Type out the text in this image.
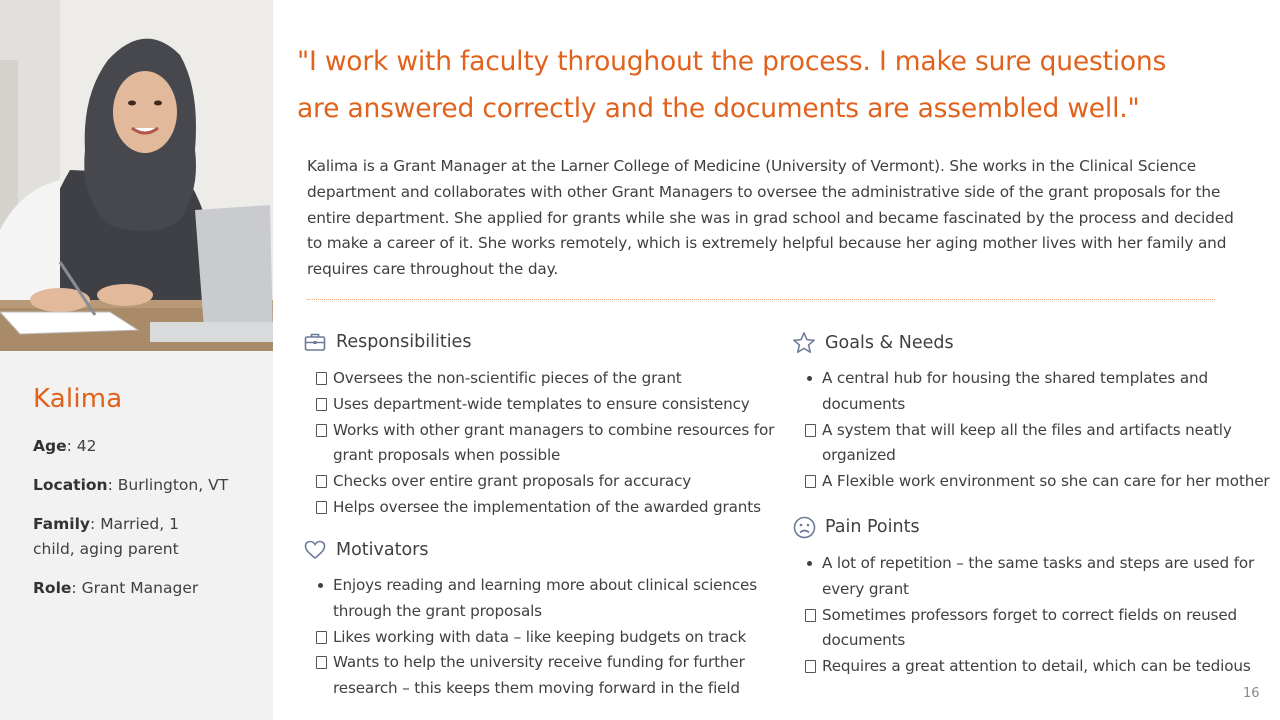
Kalima
Age: 42
Location: Burlington, VT
Family: Married, 1 child, aging parent
Role: Grant Manager
"I work with faculty throughout the process. I make sure questions
are answered correctly and the documents are assembled well."
Kalima is a Grant Manager at the Larner College of Medicine (University of Vermont). She works in the Clinical Science department and collaborates with other Grant Managers to oversee the administrative side of the grant proposals for the entire department. She applied for grants while she was in grad school and became fascinated by the process and decided to make a career of it. She works remotely, which is extremely helpful because her aging mother lives with her family and requires care throughout the day.
Responsibilities
Oversees the non-scientific pieces of the grant
Uses department-wide templates to ensure consistency
Works with other grant managers to combine resources for grant proposals when possible
Checks over entire grant proposals for accuracy
Helps oversee the implementation of the awarded grants
Motivators
Enjoys reading and learning more about clinical sciences through the grant proposals
Likes working with data – like keeping budgets on track
Wants to help the university receive funding for further research – this keeps them moving forward in the field
Goals & Needs
A central hub for housing the shared templates and documents
A system that will keep all the files and artifacts neatly organized
A Flexible work environment so she can care for her mother
Pain Points
A lot of repetition – the same tasks and steps are used for every grant
Sometimes professors forget to correct fields on reused documents
Requires a great attention to detail, which can be tedious
16
